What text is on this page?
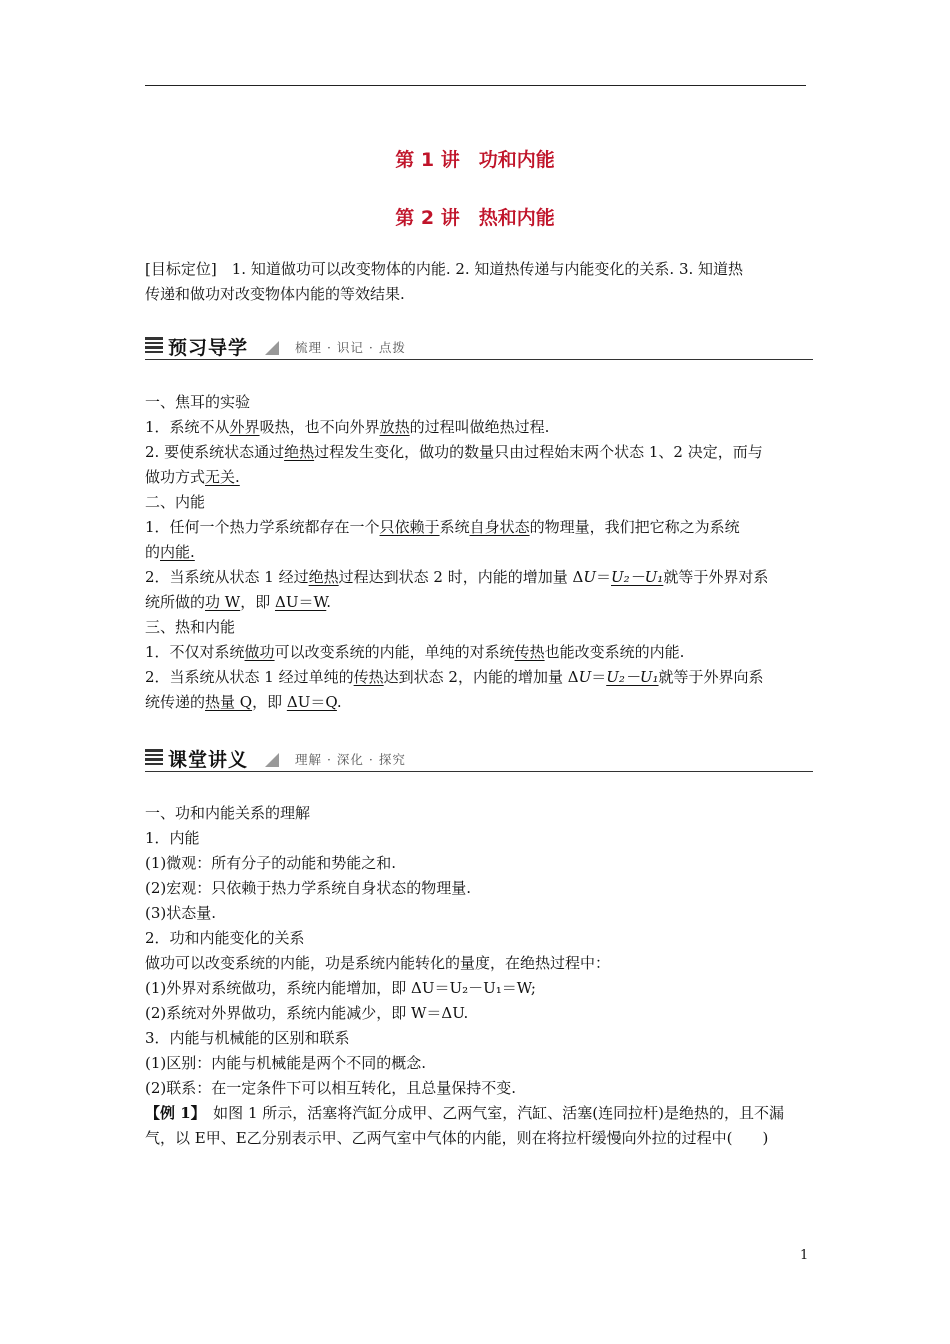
第 1 讲　功和内能
第 2 讲　热和内能
[目标定位]　 1. 知道做功可以改变物体的内能. 2. 知道热传递与内能变化的关系. 3. 知道热
传递和做功对改变物体内能的等效结果.
预习导学	梳理 · 识记 · 点拨
一、焦耳的实验
1．系统不从外界吸热，也不向外界放热的过程叫做绝热过程.
2. 要使系统状态通过绝热过程发生变化，做功的数量只由过程始末两个状态 1、2 决定，而与
做功方式无关.
二、内能
1．任何一个热力学系统都存在一个只依赖于系统自身状态的物理量，我们把它称之为系统
的内能.
2．当系统从状态 1 经过绝热过程达到状态 2 时，内能的增加量 ΔU＝U₂－U₁就等于外界对系
统所做的功 W，即 ΔU＝W.
三、热和内能
1．不仅对系统做功可以改变系统的内能，单纯的对系统传热也能改变系统的内能.
2．当系统从状态 1 经过单纯的传热达到状态 2，内能的增加量 ΔU＝U₂－U₁就等于外界向系
统传递的热量 Q，即 ΔU＝Q.
课堂讲义	理解 · 深化 · 探究
一、功和内能关系的理解
1．内能
(1)微观：所有分子的动能和势能之和.
(2)宏观：只依赖于热力学系统自身状态的物理量.
(3)状态量.
2．功和内能变化的关系
做功可以改变系统的内能，功是系统内能转化的量度，在绝热过程中：
(1)外界对系统做功，系统内能增加，即 ΔU＝U₂－U₁＝W;
(2)系统对外界做功，系统内能减少，即 W＝ΔU.
3．内能与机械能的区别和联系
(1)区别：内能与机械能是两个不同的概念.
(2)联系：在一定条件下可以相互转化，且总量保持不变.
【例 1】　如图 1 所示，活塞将汽缸分成甲、乙两气室，汽缸、活塞(连同拉杆)是绝热的，且不漏
气，以 E甲、E乙分别表示甲、乙两气室中气体的内能，则在将拉杆缓慢向外拉的过程中(　　)
1
